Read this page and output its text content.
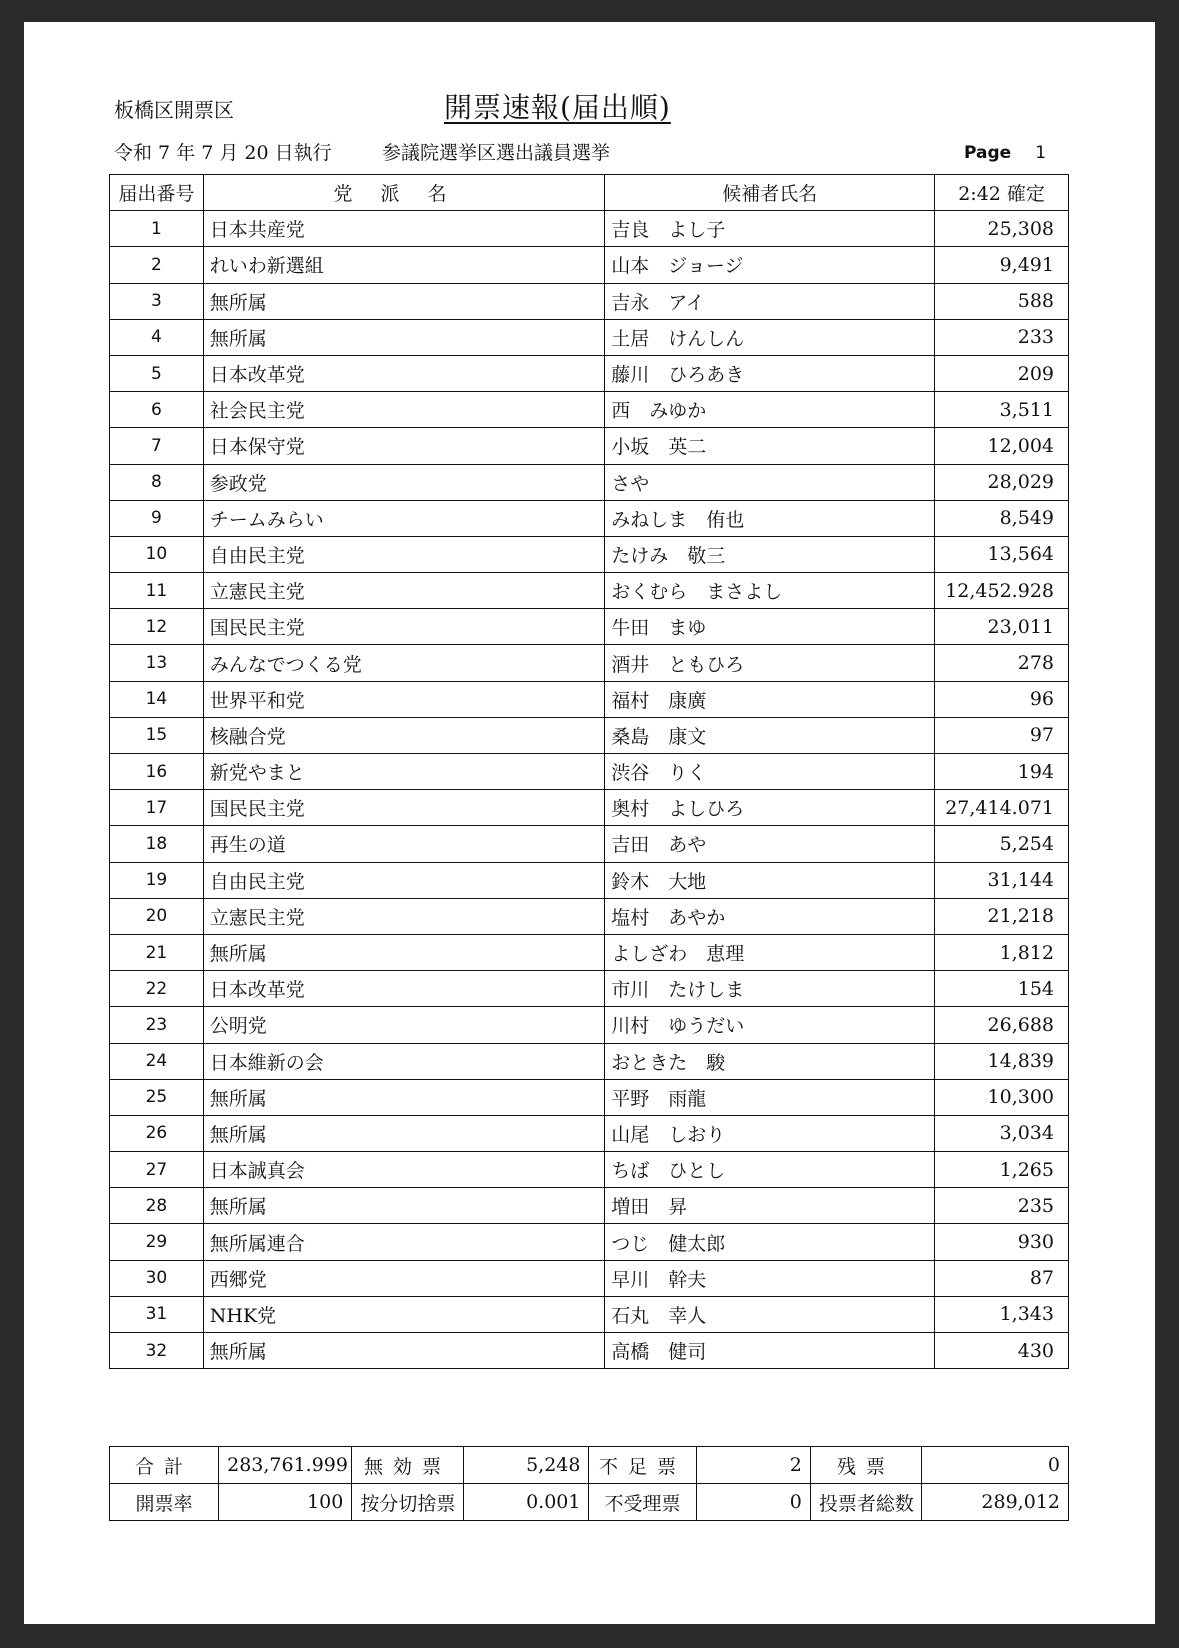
板橋区開票区	開票速報(届出順)
令和 7 年 7 月 20 日執行	参議院選挙区選出議員選挙	Page 1
届出番号	党派名	候補者氏名	2:42 確定
1	日本共産党	吉良　よし子	25,308
2	れいわ新選組	山本　ジョージ	9,491
3	無所属	吉永　アイ	588
4	無所属	土居　けんしん	233
5	日本改革党	藤川　ひろあき	209
6	社会民主党	西　みゆか	3,511
7	日本保守党	小坂　英二	12,004
8	参政党	さや	28,029
9	チームみらい	みねしま　侑也	8,549
10	自由民主党	たけみ　敬三	13,564
11	立憲民主党	おくむら　まさよし	12,452.928
12	国民民主党	牛田　まゆ	23,011
13	みんなでつくる党	酒井　ともひろ	278
14	世界平和党	福村　康廣	96
15	核融合党	桑島　康文	97
16	新党やまと	渋谷　りく	194
17	国民民主党	奥村　よしひろ	27,414.071
18	再生の道	吉田　あや	5,254
19	自由民主党	鈴木　大地	31,144
20	立憲民主党	塩村　あやか	21,218
21	無所属	よしざわ　恵理	1,812
22	日本改革党	市川　たけしま	154
23	公明党	川村　ゆうだい	26,688
24	日本維新の会	おときた　駿	14,839
25	無所属	平野　雨龍	10,300
26	無所属	山尾　しおり	3,034
27	日本誠真会	ちば　ひとし	1,265
28	無所属	増田　昇	235
29	無所属連合	つじ　健太郎	930
30	西郷党	早川　幹夫	87
31	NHK党	石丸　幸人	1,343
32	無所属	高橋　健司	430
合計	283,761.999	無効票	5,248	不足票	2	残票	0
開票率	100	按分切捨票	0.001	不受理票	0	投票者総数	289,012
